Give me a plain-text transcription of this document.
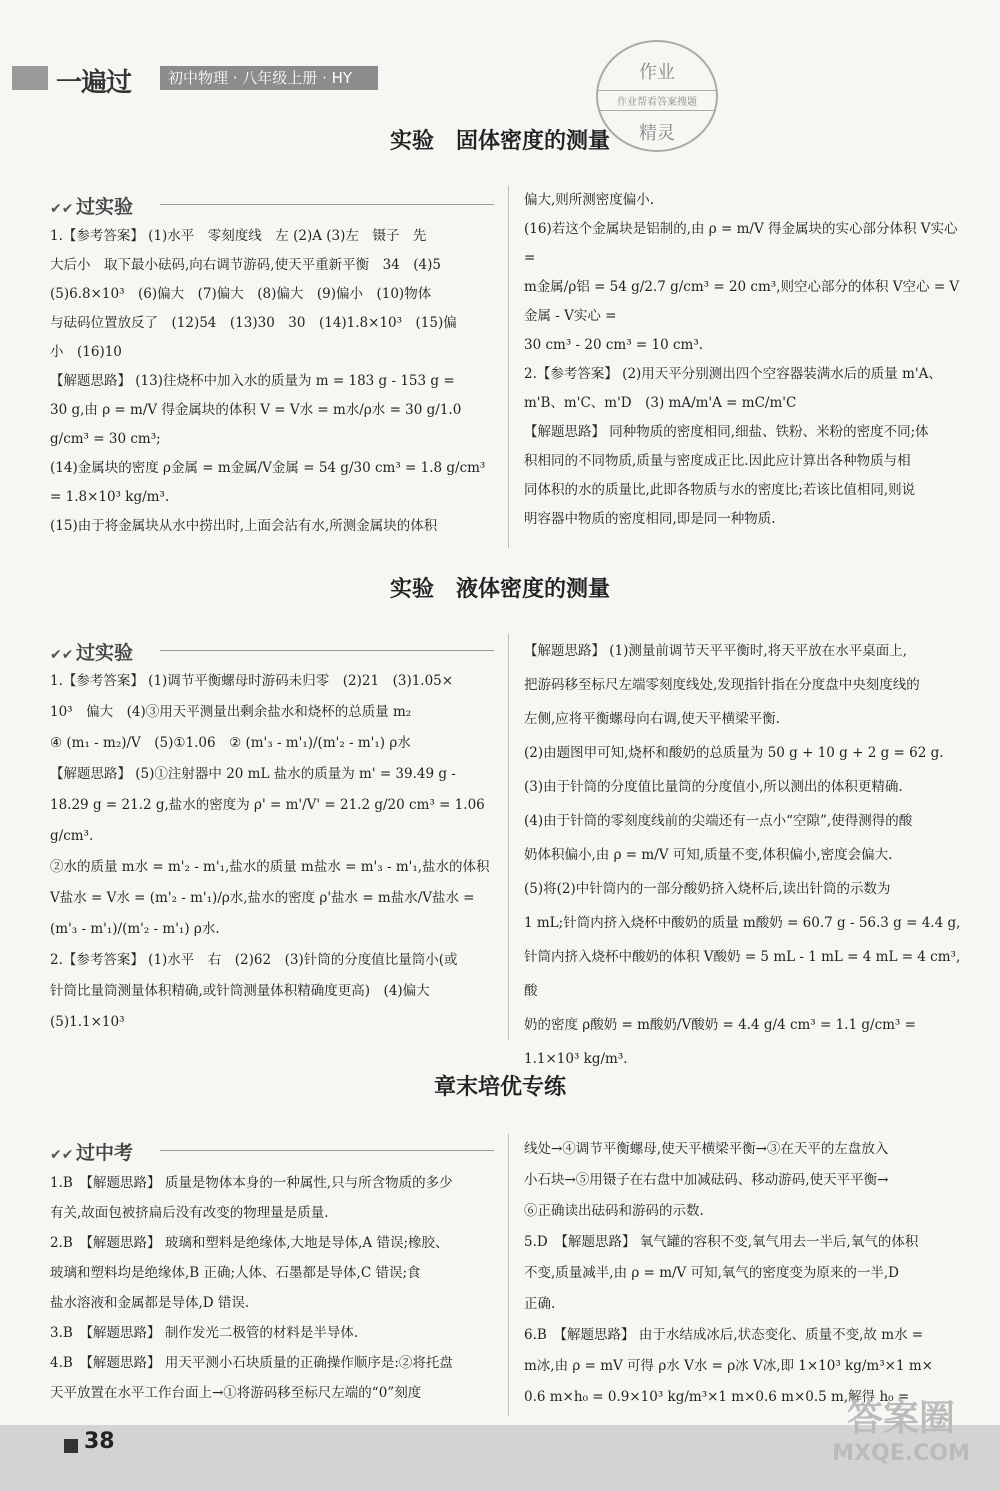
一遍过	初中物理 · 八年级上册 · HY	作业
作业帮看答案搜题
精灵
实验　固体密度的测量
✔✔ 过实验

1.【参考答案】 (1)水平　零刻度线　左 (2)A (3)左　镊子　先

大后小　取下最小砝码,向右调节游码,使天平重新平衡　34　(4)5

(5)6.8×10³　(6)偏大　(7)偏大　(8)偏大　(9)偏小　(10)物体

与砝码位置放反了　(12)54　(13)30　30　(14)1.8×10³　(15)偏

小　(16)10

【解题思路】 (13)往烧杯中加入水的质量为 m = 183 g - 153 g =

30 g,由 ρ = m/V 得金属块的体积 V = V水 = m水/ρ水 = 30 g/1.0 g/cm³ = 30 cm³;

(14)金属块的密度 ρ金属 = m金属/V金属 = 54 g/30 cm³ = 1.8 g/cm³ = 1.8×10³ kg/m³.

(15)由于将金属块从水中捞出时,上面会沾有水,所测金属块的体积

偏大,则所测密度偏小.

(16)若这个金属块是铝制的,由 ρ = m/V 得金属块的实心部分体积 V实心 =

m金属/ρ铝 = 54 g/2.7 g/cm³ = 20 cm³,则空心部分的体积 V空心 = V金属 - V实心 =

30 cm³ - 20 cm³ = 10 cm³.

2.【参考答案】 (2)用天平分别测出四个空容器装满水后的质量 m'A、

m'B、m'C、m'D　(3) mA/m'A = mC/m'C

【解题思路】 同种物质的密度相同,细盐、铁粉、米粉的密度不同;体

积相同的不同物质,质量与密度成正比.因此应计算出各种物质与相

同体积的水的质量比,此即各物质与水的密度比;若该比值相同,则说

明容器中物质的密度相同,即是同一种物质.

实验　液体密度的测量
✔✔ 过实验

1.【参考答案】 (1)调节平衡螺母时游码未归零　(2)21　(3)1.05×

10³　偏大　(4)③用天平测量出剩余盐水和烧杯的总质量 m₂

④ (m₁ - m₂)/V　(5)①1.06　② (m'₃ - m'₁)/(m'₂ - m'₁) ρ水

【解题思路】 (5)①注射器中 20 mL 盐水的质量为 m' = 39.49 g -

18.29 g = 21.2 g,盐水的密度为 ρ' = m'/V' = 21.2 g/20 cm³ = 1.06 g/cm³.

②水的质量 m水 = m'₂ - m'₁,盐水的质量 m盐水 = m'₃ - m'₁,盐水的体积

V盐水 = V水 = (m'₂ - m'₁)/ρ水,盐水的密度 ρ'盐水 = m盐水/V盐水 = (m'₃ - m'₁)/(m'₂ - m'₁) ρ水.

2.【参考答案】 (1)水平　右　(2)62　(3)针筒的分度值比量筒小(或

针筒比量筒测量体积精确,或针筒测量体积精确度更高)　(4)偏大

(5)1.1×10³

【解题思路】 (1)测量前调节天平平衡时,将天平放在水平桌面上,

把游码移至标尺左端零刻度线处,发现指针指在分度盘中央刻度线的

左侧,应将平衡螺母向右调,使天平横梁平衡.

(2)由题图甲可知,烧杯和酸奶的总质量为 50 g + 10 g + 2 g = 62 g.

(3)由于针筒的分度值比量筒的分度值小,所以测出的体积更精确.

(4)由于针筒的零刻度线前的尖端还有一点小“空隙”,使得测得的酸

奶体积偏小,由 ρ = m/V 可知,质量不变,体积偏小,密度会偏大.

(5)将(2)中针筒内的一部分酸奶挤入烧杯后,读出针筒的示数为

1 mL;针筒内挤入烧杯中酸奶的质量 m酸奶 = 60.7 g - 56.3 g = 4.4 g,

针筒内挤入烧杯中酸奶的体积 V酸奶 = 5 mL - 1 mL = 4 mL = 4 cm³,酸

奶的密度 ρ酸奶 = m酸奶/V酸奶 = 4.4 g/4 cm³ = 1.1 g/cm³ = 1.1×10³ kg/m³.

章末培优专练
✔✔ 过中考

1.B　【解题思路】 质量是物体本身的一种属性,只与所含物质的多少

有关,故面包被挤扁后没有改变的物理量是质量.

2.B　【解题思路】 玻璃和塑料是绝缘体,大地是导体,A 错误;橡胶、

玻璃和塑料均是绝缘体,B 正确;人体、石墨都是导体,C 错误;食

盐水溶液和金属都是导体,D 错误.

3.B　【解题思路】 制作发光二极管的材料是半导体.

4.B　【解题思路】 用天平测小石块质量的正确操作顺序是:②将托盘

天平放置在水平工作台面上→①将游码移至标尺左端的“0”刻度

线处→④调节平衡螺母,使天平横梁平衡→③在天平的左盘放入

小石块→⑤用镊子在右盘中加减砝码、移动游码,使天平平衡→

⑥正确读出砝码和游码的示数.

5.D　【解题思路】 氧气罐的容积不变,氧气用去一半后,氧气的体积

不变,质量减半,由 ρ = m/V 可知,氧气的密度变为原来的一半,D

正确.

6.B　【解题思路】 由于水结成冰后,状态变化、质量不变,故 m水 =

m冰,由 ρ = mV 可得 ρ水 V水 = ρ冰 V冰,即 1×10³ kg/m³×1 m×

0.6 m×h₀ = 0.9×10³ kg/m³×1 m×0.6 m×0.5 m,解得 h₀ =

38
答案圈
MXQE.COM
